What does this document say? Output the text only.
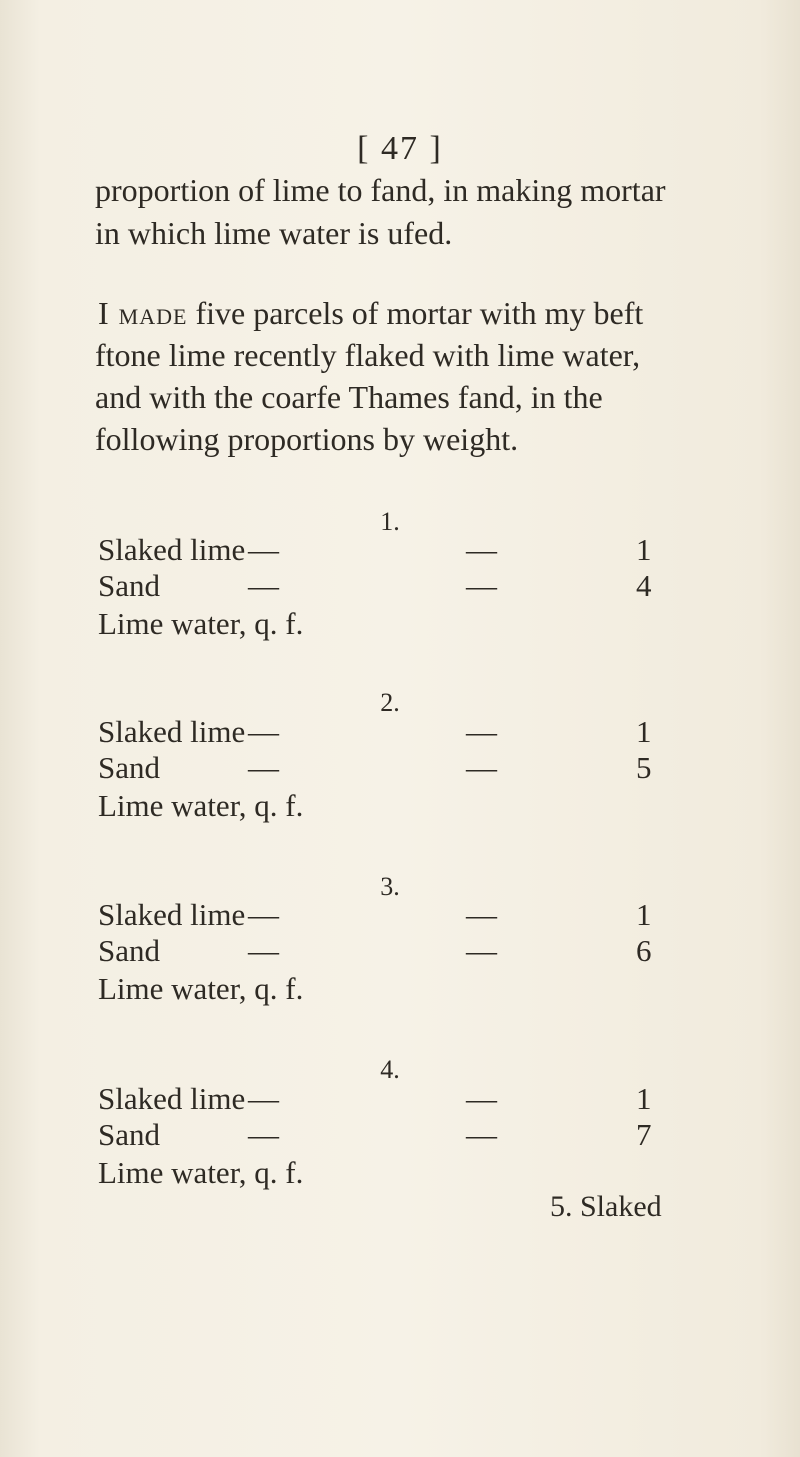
[ 47 ]
proportion of lime to fand, in making mortar
in which lime water is ufed.
I made five parcels of mortar with my beft
ftone lime recently flaked with lime water,
and with the coarfe Thames fand, in the
following proportions by weight.
1.
Slaked lime —	—	1
Sand	—	—	4
Lime water, q. f.
2.
Slaked lime —	—	1
Sand	—	—	5
Lime water, q. f.
3.
Slaked lime —	—	1
Sand	—	—	6
Lime water, q. f.
4.
Slaked lime —	—	1
Sand	—	—	7
Lime water, q. f.
5. Slaked
